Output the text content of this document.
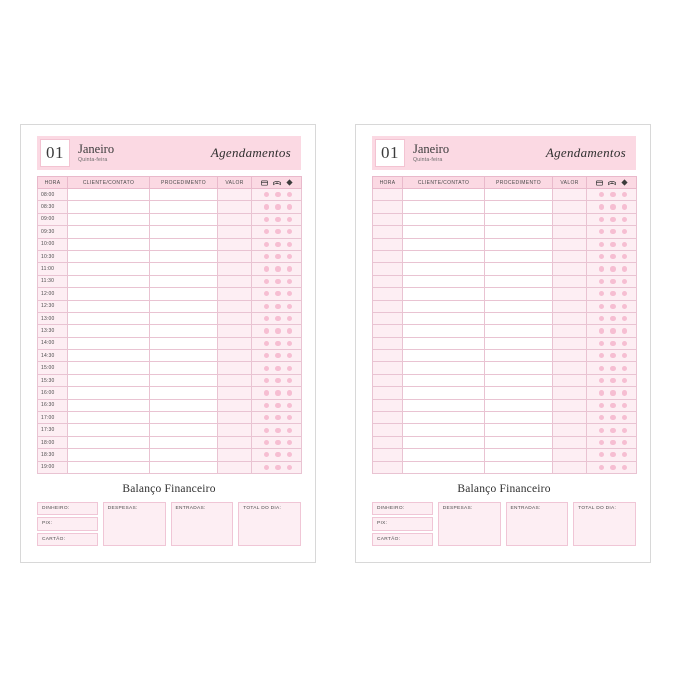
01 Janeiro
Quinta-feira	Agendamentos
HORA	CLIENTE/CONTATO	PROCEDIMENTO	VALOR	

08:00				

08:30				

09:00				

09:30				

10:00				

10:30				

11:00				

11:30				

12:00				

12:30				

13:00				

13:30				

14:00				

14:30				

15:00				

15:30				

16:00				

16:30				

17:00				

17:30				

18:00				

18:30				

19:00				
Balanço Financeiro
DINHEIRO:
PIX:
CARTÃO:
DESPESAS:	ENTRADAS:	TOTAL DO DIA:
01 Janeiro
Quinta-feira	Agendamentos
HORA	CLIENTE/CONTATO	PROCEDIMENTO	VALOR	

Balanço Financeiro
DINHEIRO:
PIX:
CARTÃO:
DESPESAS:	ENTRADAS:	TOTAL DO DIA:
